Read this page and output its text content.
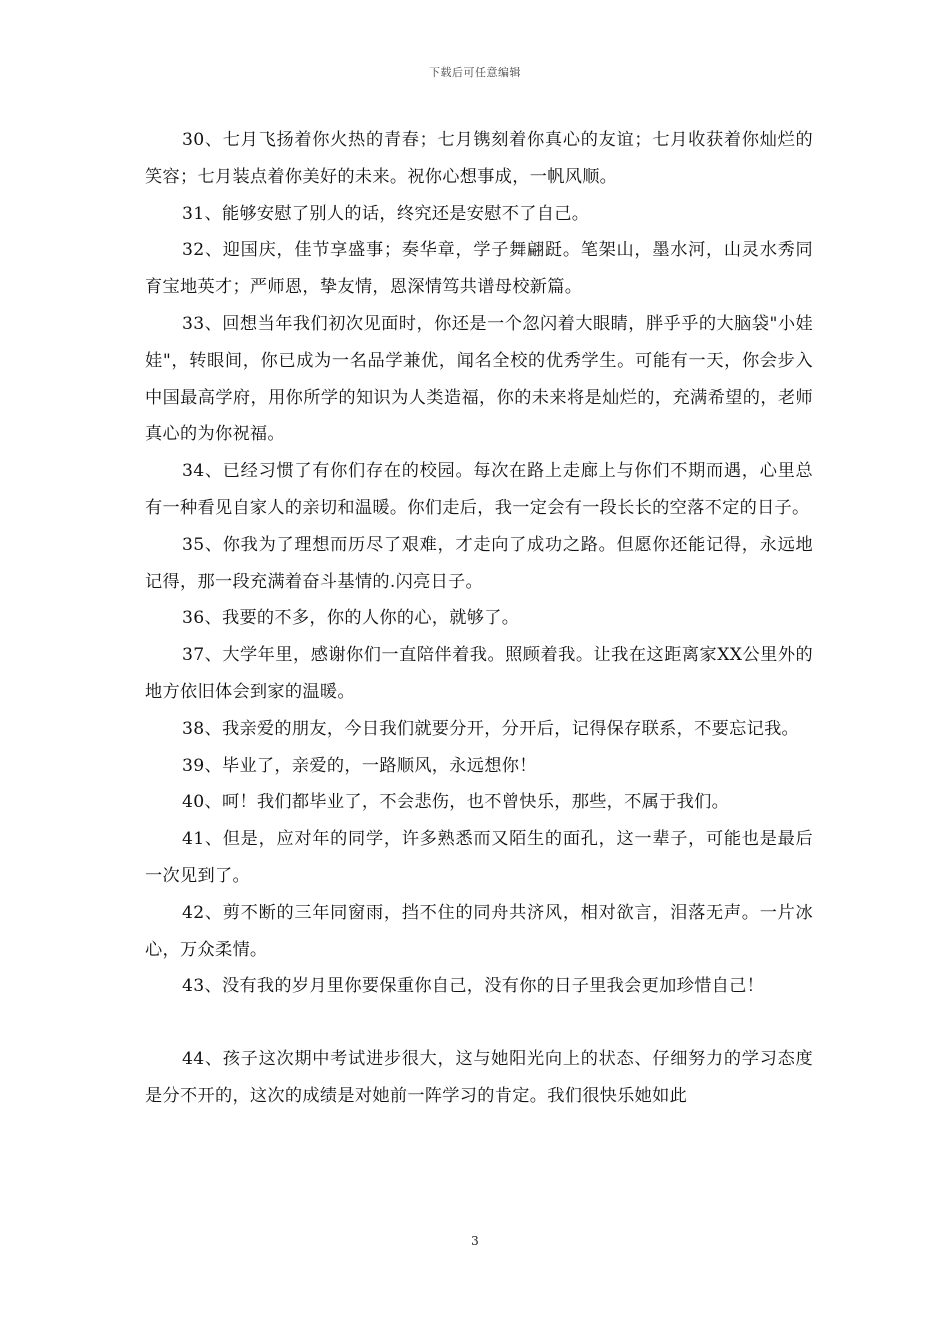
下载后可任意编辑

30、七月飞扬着你火热的青春；七月镌刻着你真心的友谊；七月收获着你灿烂的笑容；七月装点着你美好的未来。祝你心想事成，一帆风顺。

31、能够安慰了别人的话，终究还是安慰不了自己。

32、迎国庆，佳节享盛事；奏华章，学子舞翩跹。笔架山，墨水河，山灵水秀同育宝地英才；严师恩，挚友情，恩深情笃共谱母校新篇。

33、回想当年我们初次见面时，你还是一个忽闪着大眼睛，胖乎乎的大脑袋"小娃娃"，转眼间，你已成为一名品学兼优，闻名全校的优秀学生。可能有一天，你会步入中国最高学府，用你所学的知识为人类造福，你的未来将是灿烂的，充满希望的，老师真心的为你祝福。

34、已经习惯了有你们存在的校园。每次在路上走廊上与你们不期而遇，心里总有一种看见自家人的亲切和温暖。你们走后，我一定会有一段长长的空落不定的日子。

35、你我为了理想而历尽了艰难，才走向了成功之路。但愿你还能记得，永远地记得，那一段充满着奋斗基情的.闪亮日子。

36、我要的不多，你的人你的心，就够了。

37、大学年里，感谢你们一直陪伴着我。照顾着我。让我在这距离家XX公里外的地方依旧体会到家的温暖。

38、我亲爱的朋友，今日我们就要分开，分开后，记得保存联系，不要忘记我。

39、毕业了，亲爱的，一路顺风，永远想你！

40、呵！我们都毕业了，不会悲伤，也不曾快乐，那些，不属于我们。

41、但是，应对年的同学，许多熟悉而又陌生的面孔，这一辈子，可能也是最后一次见到了。

42、剪不断的三年同窗雨，挡不住的同舟共济风，相对欲言，泪落无声。一片冰心，万众柔情。

43、没有我的岁月里你要保重你自己，没有你的日子里我会更加珍惜自己！

44、孩子这次期中考试进步很大，这与她阳光向上的状态、仔细努力的学习态度是分不开的，这次的成绩是对她前一阵学习的肯定。我们很快乐她如此

3
